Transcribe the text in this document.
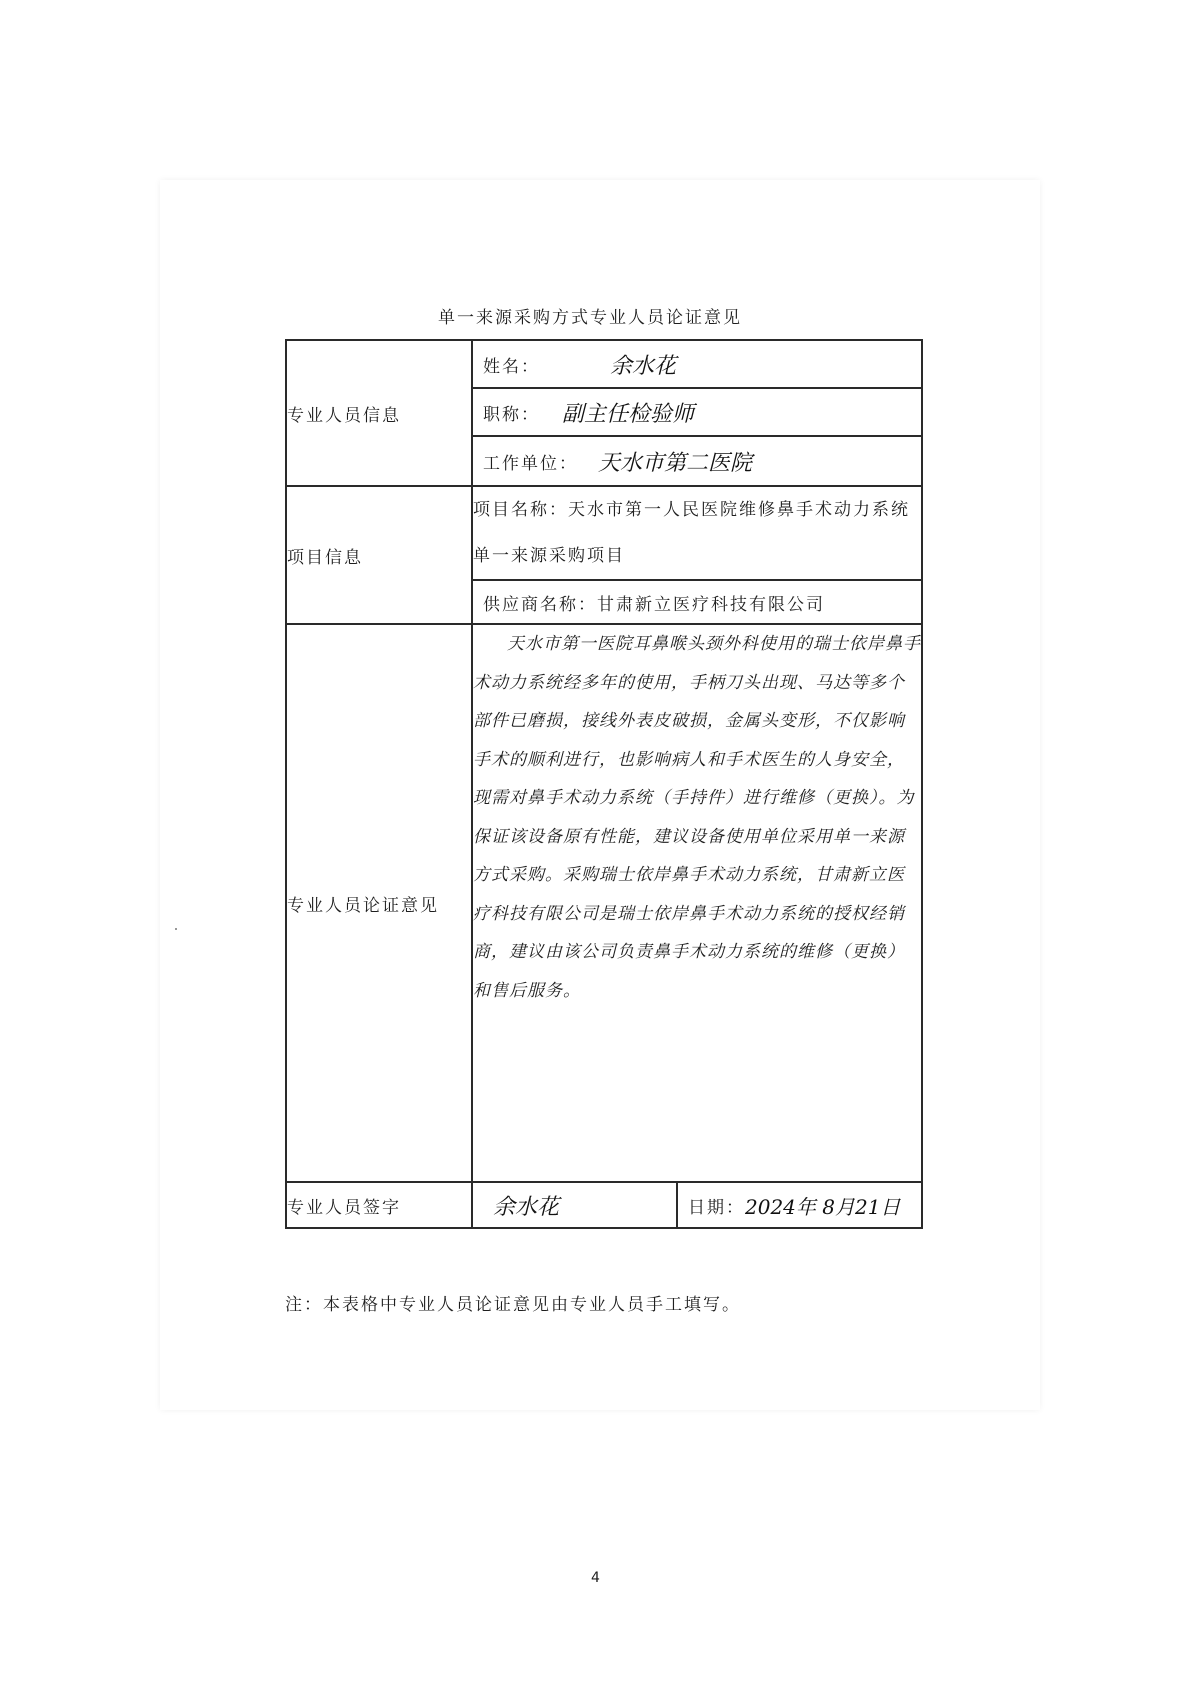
单一来源采购方式专业人员论证意见
专业人员信息	姓名： 余水花	

	职称： 副主任检验师	

	工作单位： 天水市第二医院	

项目信息	项目名称：天水市第一人民医院维修鼻手术动力系统单一来源采购项目	

	供应商名称：甘肃新立医疗科技有限公司	

专业人员论证意见	天水市第一医院耳鼻喉头颈外科使用的瑞士依岸鼻手术动力系统经多年的使用，手柄刀头出现、马达等多个部件已磨损，接线外表皮破损，金属头变形，不仅影响手术的顺利进行，也影响病人和手术医生的人身安全，现需对鼻手术动力系统（手持件）进行维修（更换）。为保证该设备原有性能，建议设备使用单位采用单一来源方式采购。采购瑞士依岸鼻手术动力系统，甘肃新立医疗科技有限公司是瑞士依岸鼻手术动力系统的授权经销商，建议由该公司负责鼻手术动力系统的维修（更换）和售后服务。	
专业人员签字	余水花	日期： 2024年 8月21日
注：本表格中专业人员论证意见由专业人员手工填写。
4
